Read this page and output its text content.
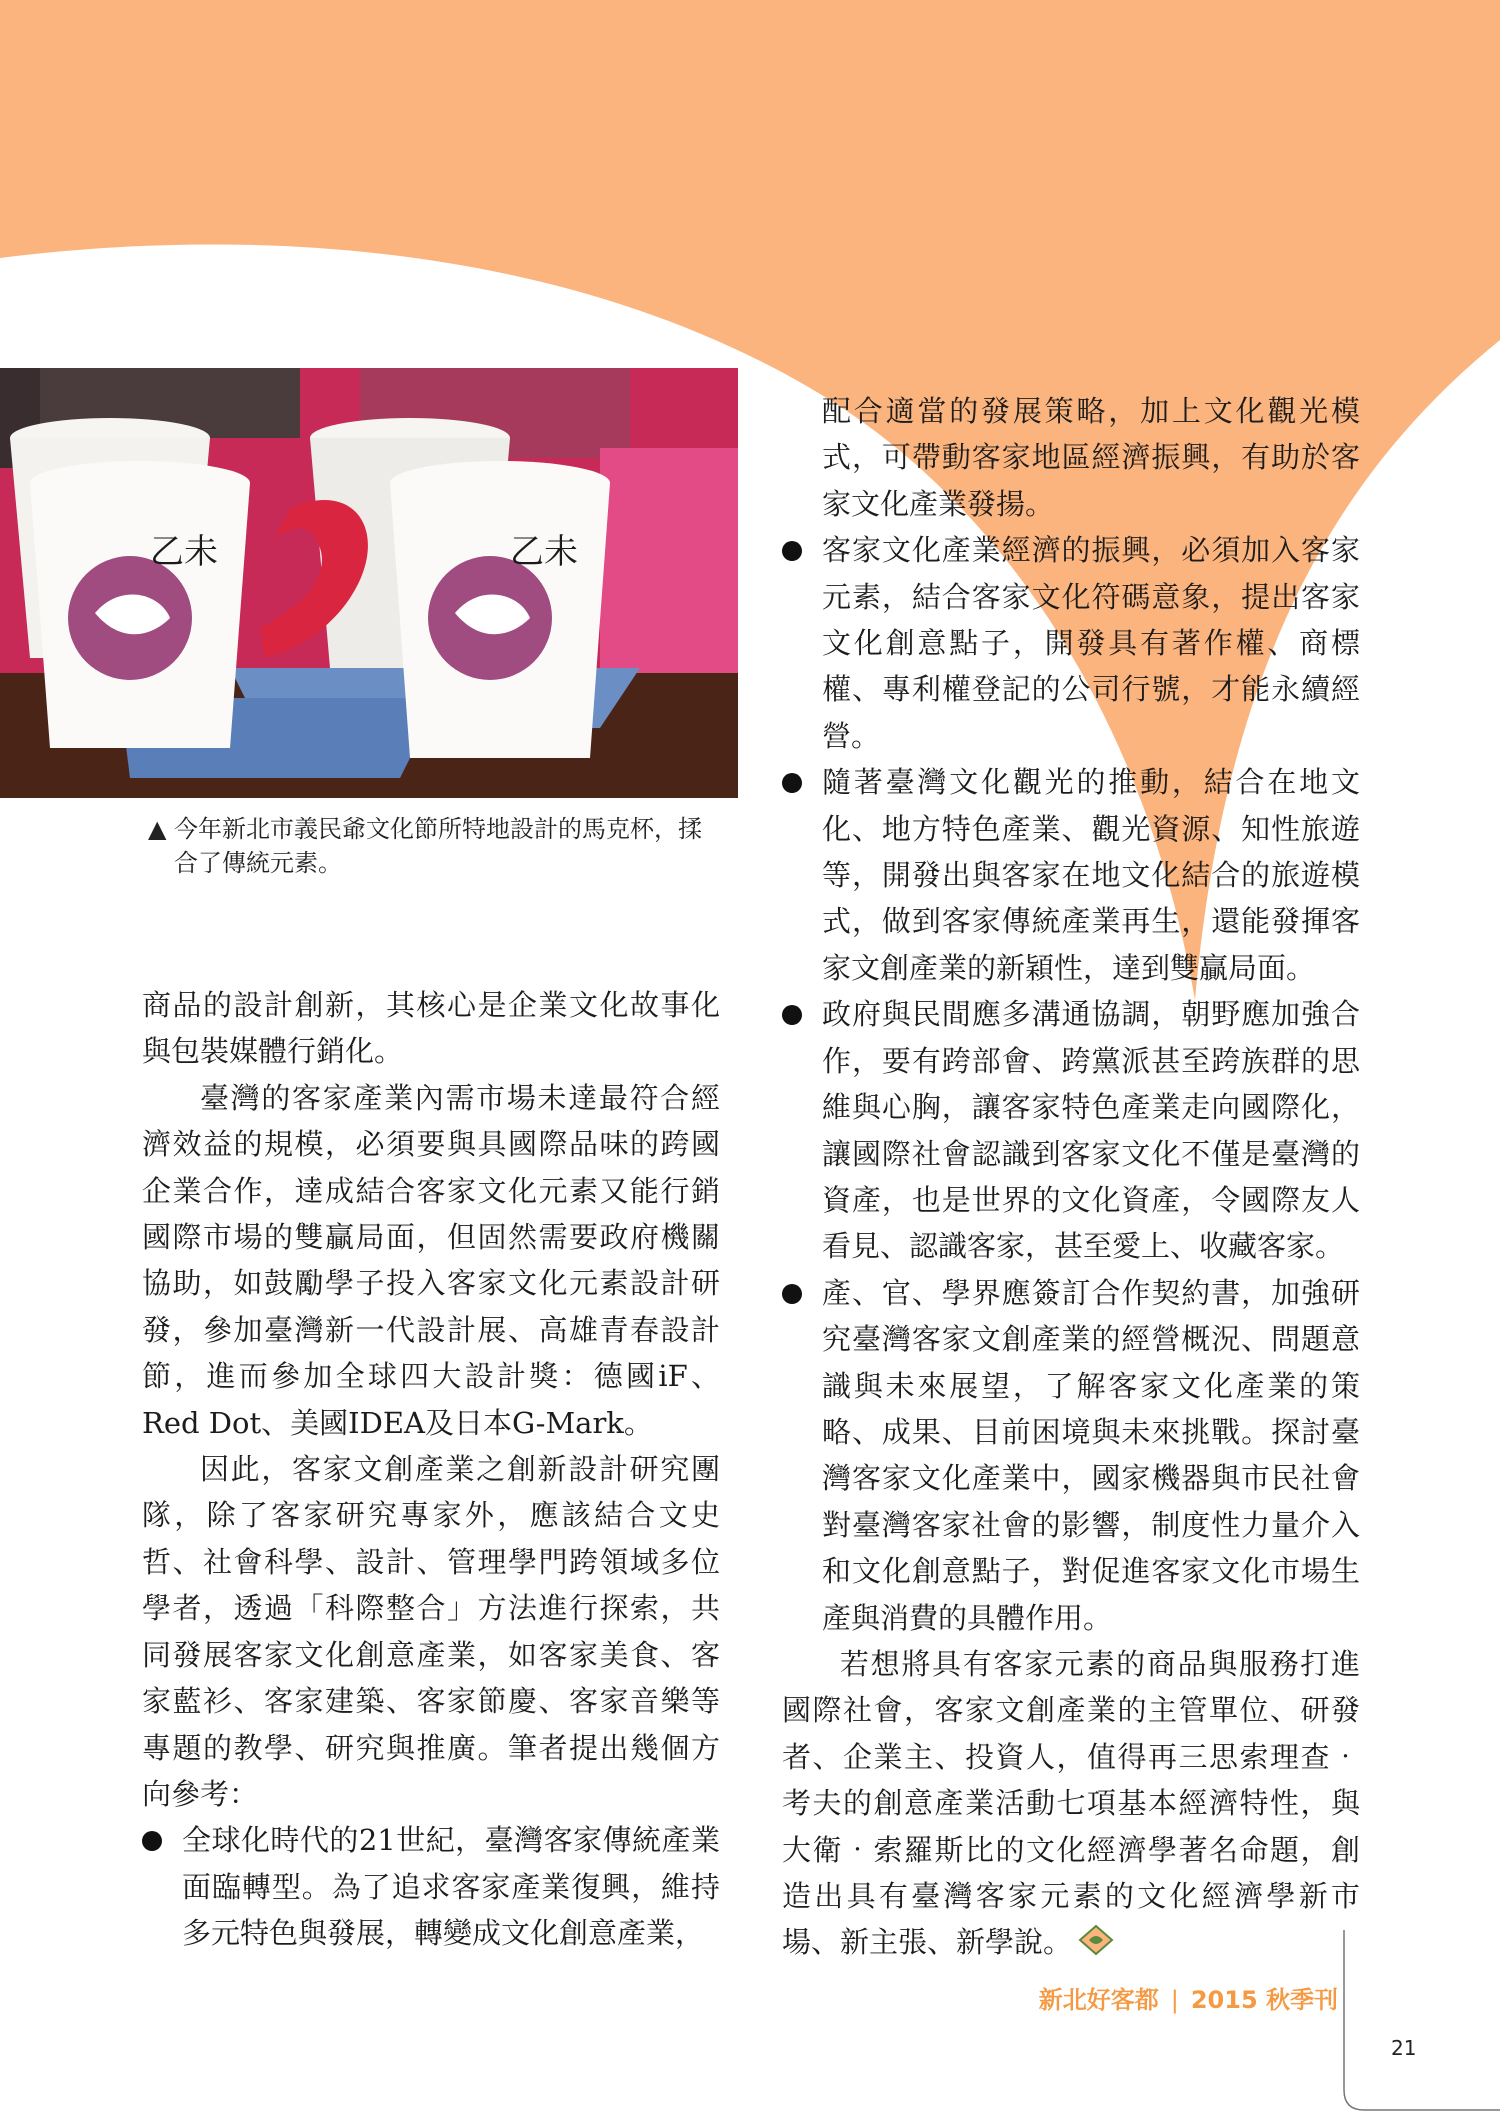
乙未	乙未
▲ 今年新北市義民爺文化節所特地設計的馬克杯，揉合了傳統元素。

商品的設計創新，其核心是企業文化故事化與包裝媒體行銷化。

臺灣的客家產業內需市場未達最符合經濟效益的規模，必須要與具國際品味的跨國企業合作，達成結合客家文化元素又能行銷國際市場的雙贏局面，但固然需要政府機關協助，如鼓勵學子投入客家文化元素設計研發，參加臺灣新一代設計展、高雄青春設計節，進而參加全球四大設計獎：德國iF、Red Dot、美國IDEA及日本G-Mark。

因此，客家文創產業之創新設計研究團隊，除了客家研究專家外，應該結合文史哲、社會科學、設計、管理學門跨領域多位學者，透過「科際整合」方法進行探索，共同發展客家文化創意產業，如客家美食、客家藍衫、客家建築、客家節慶、客家音樂等專題的教學、研究與推廣。筆者提出幾個方向參考：

全球化時代的21世紀，臺灣客家傳統產業面臨轉型。為了追求客家產業復興，維持多元特色與發展，轉變成文化創意產業，

配合適當的發展策略，加上文化觀光模式，可帶動客家地區經濟振興，有助於客家文化產業發揚。

客家文化產業經濟的振興，必須加入客家元素，結合客家文化符碼意象，提出客家文化創意點子，開發具有著作權、商標權、專利權登記的公司行號，才能永續經營。
隨著臺灣文化觀光的推動，結合在地文化、地方特色產業、觀光資源、知性旅遊等，開發出與客家在地文化結合的旅遊模式，做到客家傳統產業再生，還能發揮客家文創產業的新穎性，達到雙贏局面。
政府與民間應多溝通協調，朝野應加強合作，要有跨部會、跨黨派甚至跨族群的思維與心胸，讓客家特色產業走向國際化，讓國際社會認識到客家文化不僅是臺灣的資產，也是世界的文化資產，令國際友人看見、認識客家，甚至愛上、收藏客家。
產、官、學界應簽訂合作契約書，加強研究臺灣客家文創產業的經營概況、問題意識與未來展望，了解客家文化產業的策略、成果、目前困境與未來挑戰。探討臺灣客家文化產業中，國家機器與市民社會對臺灣客家社會的影響，制度性力量介入和文化創意點子，對促進客家文化市場生產與消費的具體作用。

若想將具有客家元素的商品與服務打進國際社會，客家文創產業的主管單位、研發者、企業主、投資人，值得再三思索理查‧考夫的創意產業活動七項基本經濟特性，與大衛‧索羅斯比的文化經濟學著名命題，創造出具有臺灣客家元素的文化經濟學新市場、新主張、新學說。

新北好客都 | 2015 秋季刊
21
